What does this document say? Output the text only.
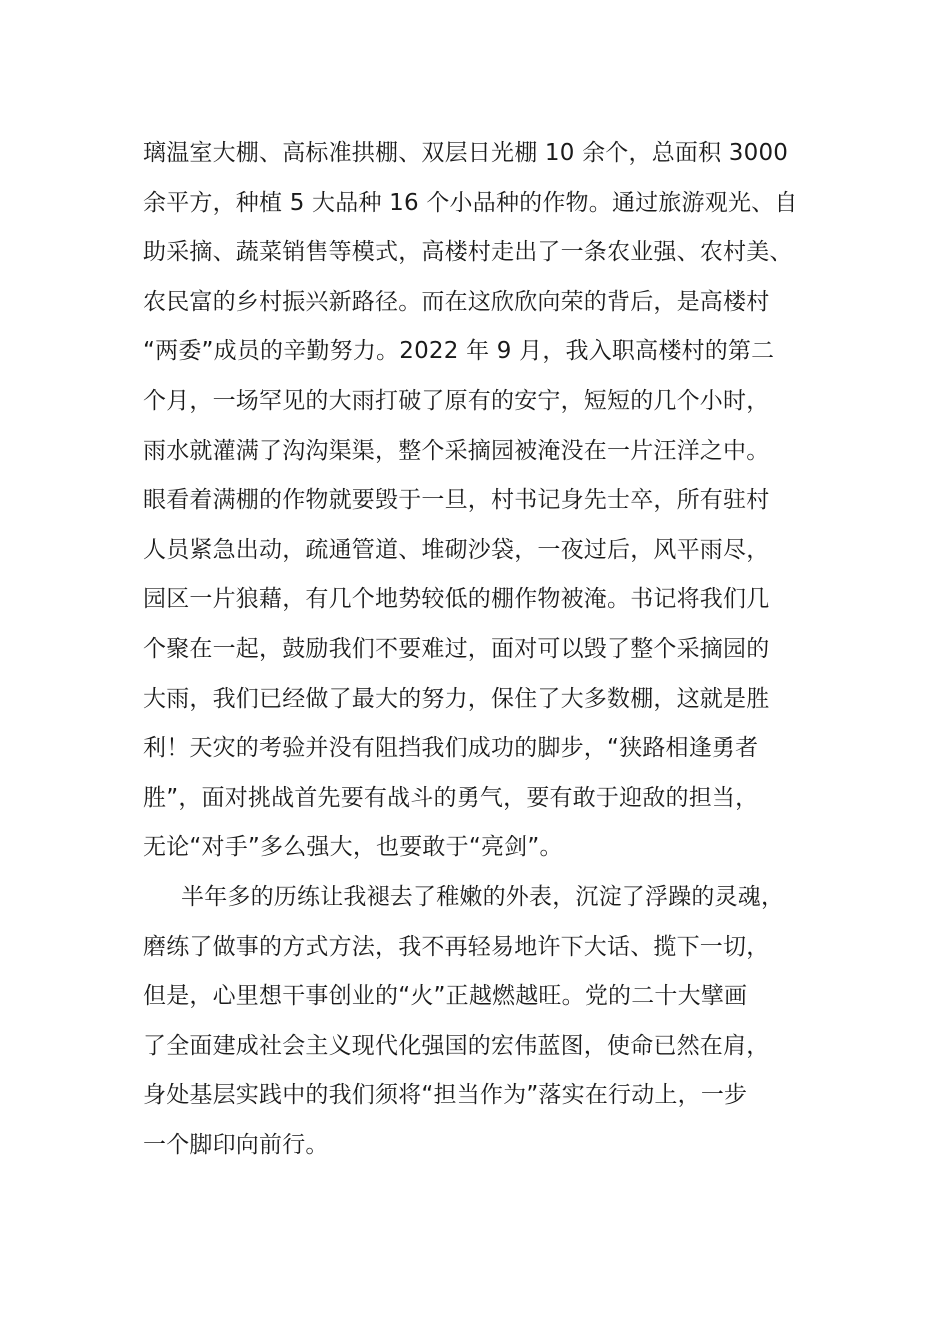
璃温室大棚、高标准拱棚、双层日光棚 10 余个，总面积 3000
余平方，种植 5 大品种 16 个小品种的作物。通过旅游观光、自
助采摘、蔬菜销售等模式，高楼村走出了一条农业强、农村美、
农民富的乡村振兴新路径。而在这欣欣向荣的背后，是高楼村
“两委”成员的辛勤努力。2022 年 9 月，我入职高楼村的第二
个月，一场罕见的大雨打破了原有的安宁，短短的几个小时，
雨水就灌满了沟沟渠渠，整个采摘园被淹没在一片汪洋之中。
眼看着满棚的作物就要毁于一旦，村书记身先士卒，所有驻村
人员紧急出动，疏通管道、堆砌沙袋，一夜过后，风平雨尽，
园区一片狼藉，有几个地势较低的棚作物被淹。书记将我们几
个聚在一起，鼓励我们不要难过，面对可以毁了整个采摘园的
大雨，我们已经做了最大的努力，保住了大多数棚，这就是胜
利！天灾的考验并没有阻挡我们成功的脚步，“狭路相逢勇者
胜”，面对挑战首先要有战斗的勇气，要有敢于迎敌的担当，
无论“对手”多么强大，也要敢于“亮剑”。
半年多的历练让我褪去了稚嫩的外表，沉淀了浮躁的灵魂，
磨练了做事的方式方法，我不再轻易地许下大话、揽下一切，
但是，心里想干事创业的“火”正越燃越旺。党的二十大擘画
了全面建成社会主义现代化强国的宏伟蓝图，使命已然在肩，
身处基层实践中的我们须将“担当作为”落实在行动上，一步
一个脚印向前行。
